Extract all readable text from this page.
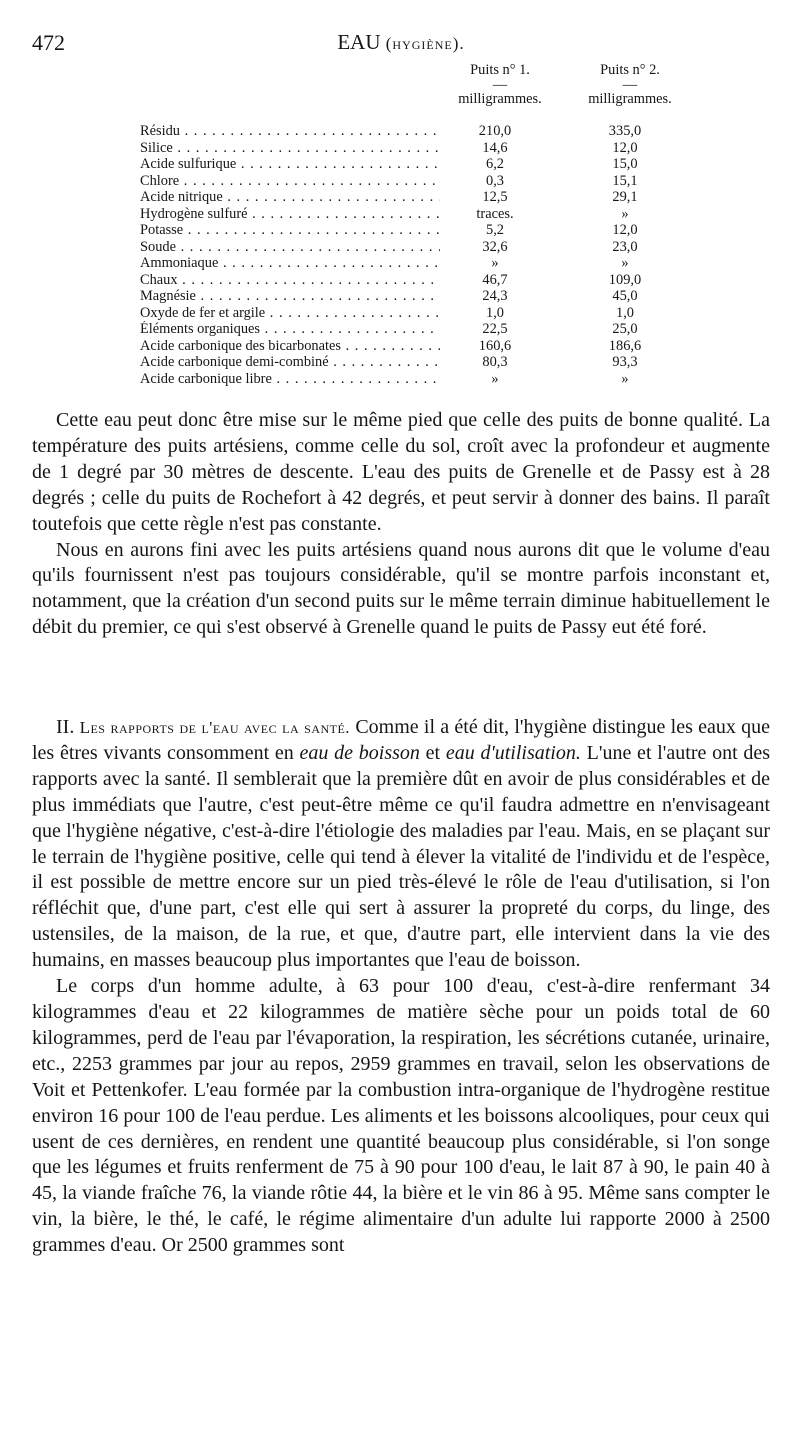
472	EAU (hygiène).
Puits n° 1.
—
milligrammes.
Puits n° 2.
—
milligrammes.
Résidu . . .	210,0	335,0
Silice . . .	14,6	12,0
Acide sulfurique . . .	6,2	15,0
Chlore . . .	0,3	15,1
Acide nitrique . . .	12,5	29,1
Hydrogène sulfuré . . .	traces.	»
Potasse . . .	5,2	12,0
Soude . . .	32,6	23,0
Ammoniaque . . .	»	»
Chaux . . .	46,7	109,0
Magnésie . . .	24,3	45,0
Oxyde de fer et argile . . .	1,0	1,0
Éléments organiques . . .	22,5	25,0
Acide carbonique des bicarbonates . . .	160,6	186,6
Acide carbonique demi-combiné . . .	80,3	93,3
Acide carbonique libre . . .	»	»

Cette eau peut donc être mise sur le même pied que celle des puits de bonne qualité. La température des puits artésiens, comme celle du sol, croît avec la profondeur et augmente de 1 degré par 30 mètres de descente. L'eau des puits de Grenelle et de Passy est à 28 degrés ; celle du puits de Rochefort à 42 degrés, et peut servir à donner des bains. Il paraît toutefois que cette règle n'est pas constante.

Nous en aurons fini avec les puits artésiens quand nous aurons dit que le volume d'eau qu'ils fournissent n'est pas toujours considérable, qu'il se montre parfois inconstant et, notamment, que la création d'un second puits sur le même terrain diminue habituellement le débit du premier, ce qui s'est observé à Grenelle quand le puits de Passy eut été foré.

II. Les rapports de l'eau avec la santé. Comme il a été dit, l'hygiène distingue les eaux que les êtres vivants consomment en eau de boisson et eau d'utilisation. L'une et l'autre ont des rapports avec la santé. Il semblerait que la première dût en avoir de plus considérables et de plus immédiats que l'autre, c'est peut-être même ce qu'il faudra admettre en n'envisageant que l'hygiène négative, c'est-à-dire l'étiologie des maladies par l'eau. Mais, en se plaçant sur le terrain de l'hygiène positive, celle qui tend à élever la vitalité de l'individu et de l'espèce, il est possible de mettre encore sur un pied très-élevé le rôle de l'eau d'utilisation, si l'on réfléchit que, d'une part, c'est elle qui sert à assurer la propreté du corps, du linge, des ustensiles, de la maison, de la rue, et que, d'autre part, elle intervient dans la vie des humains, en masses beaucoup plus importantes que l'eau de boisson.

Le corps d'un homme adulte, à 63 pour 100 d'eau, c'est-à-dire renfermant 34 kilogrammes d'eau et 22 kilogrammes de matière sèche pour un poids total de 60 kilogrammes, perd de l'eau par l'évaporation, la respiration, les sécrétions cutanée, urinaire, etc., 2253 grammes par jour au repos, 2959 grammes en travail, selon les observations de Voit et Pettenkofer. L'eau formée par la combustion intra-organique de l'hydrogène restitue environ 16 pour 100 de l'eau perdue. Les aliments et les boissons alcooliques, pour ceux qui usent de ces dernières, en rendent une quantité beaucoup plus considérable, si l'on songe que les légumes et fruits renferment de 75 à 90 pour 100 d'eau, le lait 87 à 90, le pain 40 à 45, la viande fraîche 76, la viande rôtie 44, la bière et le vin 86 à 95. Même sans compter le vin, la bière, le thé, le café, le régime alimentaire d'un adulte lui rapporte 2000 à 2500 grammes d'eau. Or 2500 grammes sont
